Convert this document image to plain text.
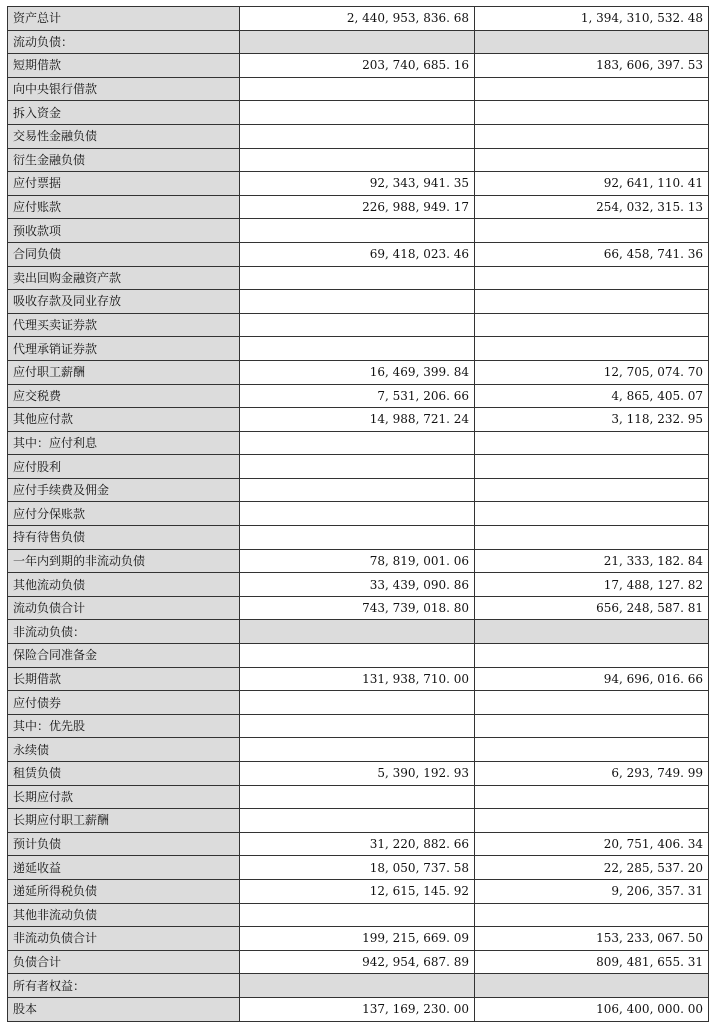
资产总计	2, 440, 953, 836. 68	1, 394, 310, 532. 48
流动负债：		
短期借款	203, 740, 685. 16	183, 606, 397. 53
向中央银行借款		
拆入资金		
交易性金融负债		
衍生金融负债		
应付票据	92, 343, 941. 35	92, 641, 110. 41
应付账款	226, 988, 949. 17	254, 032, 315. 13
预收款项		
合同负债	69, 418, 023. 46	66, 458, 741. 36
卖出回购金融资产款		
吸收存款及同业存放		
代理买卖证券款		
代理承销证券款		
应付职工薪酬	16, 469, 399. 84	12, 705, 074. 70
应交税费	7, 531, 206. 66	4, 865, 405. 07
其他应付款	14, 988, 721. 24	3, 118, 232. 95
其中：应付利息		
应付股利		
应付手续费及佣金		
应付分保账款		
持有待售负债		
一年内到期的非流动负债	78, 819, 001. 06	21, 333, 182. 84
其他流动负债	33, 439, 090. 86	17, 488, 127. 82
流动负债合计	743, 739, 018. 80	656, 248, 587. 81
非流动负债：		
保险合同准备金		
长期借款	131, 938, 710. 00	94, 696, 016. 66
应付债券		
其中：优先股		
永续债		
租赁负债	5, 390, 192. 93	6, 293, 749. 99
长期应付款		
长期应付职工薪酬		
预计负债	31, 220, 882. 66	20, 751, 406. 34
递延收益	18, 050, 737. 58	22, 285, 537. 20
递延所得税负债	12, 615, 145. 92	9, 206, 357. 31
其他非流动负债		
非流动负债合计	199, 215, 669. 09	153, 233, 067. 50
负债合计	942, 954, 687. 89	809, 481, 655. 31
所有者权益：		
股本	137, 169, 230. 00	106, 400, 000. 00
